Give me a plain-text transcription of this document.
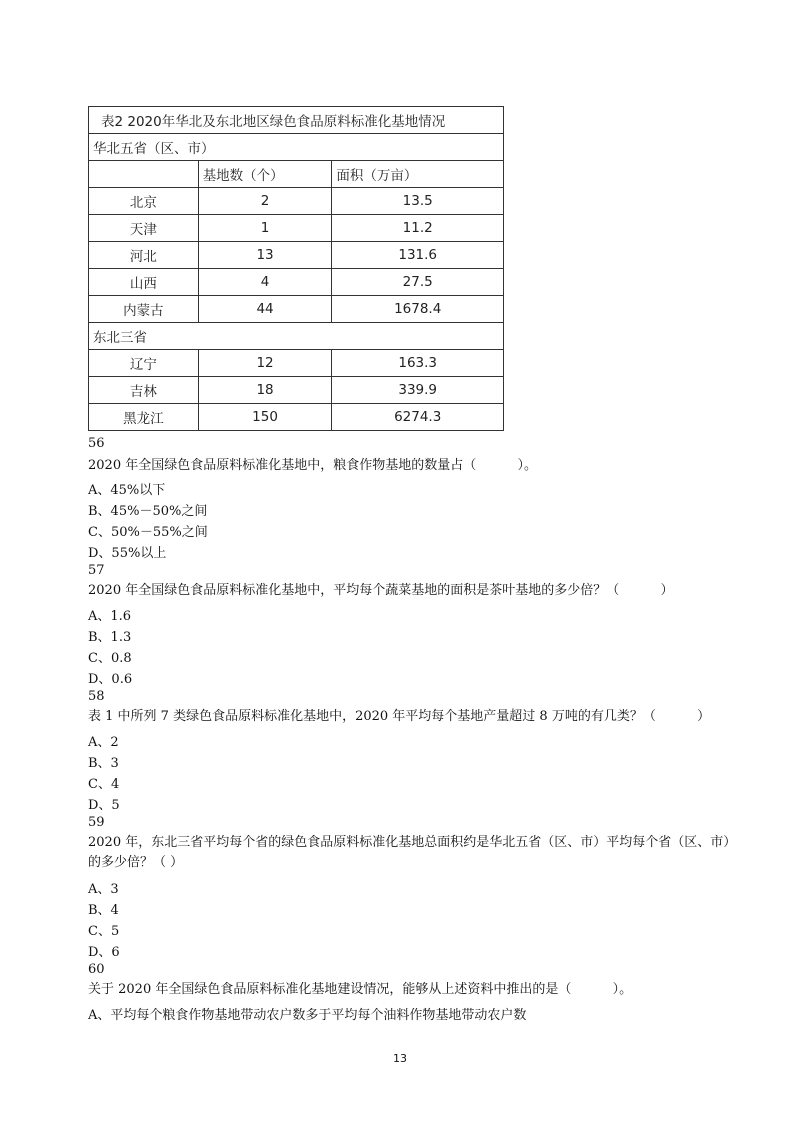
表2 2020年华北及东北地区绿色食品原料标准化基地情况		
华北五省（区、市）		
	基地数（个）	面积（万亩）
北京	2	13.5
天津	1	11.2
河北	13	131.6
山西	4	27.5
内蒙古	44	1678.4
东北三省		
辽宁	12	163.3
吉林	18	339.9
黑龙江	150	6274.3
56
2020 年全国绿色食品原料标准化基地中，粮食作物基地的数量占（          ）。
A、45%以下
B、45%－50%之间
C、50%－55%之间
D、55%以上
57
2020 年全国绿色食品原料标准化基地中，平均每个蔬菜基地的面积是茶叶基地的多少倍？（          ）
A、1.6
B、1.3
C、0.8
D、0.6
58
表 1 中所列 7 类绿色食品原料标准化基地中，2020 年平均每个基地产量超过 8 万吨的有几类？（          ）
A、2
B、3
C、4
D、5
59
2020 年，东北三省平均每个省的绿色食品原料标准化基地总面积约是华北五省（区、市）平均每个省（区、市）的多少倍？（ ）
A、3
B、4
C、5
D、6
60
关于 2020 年全国绿色食品原料标准化基地建设情况，能够从上述资料中推出的是（          ）。
A、平均每个粮食作物基地带动农户数多于平均每个油料作物基地带动农户数
13
